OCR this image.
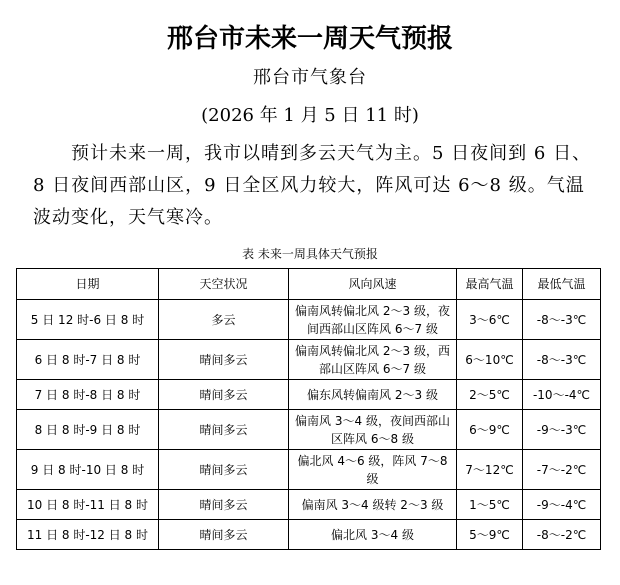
邢台市未来一周天气预报
邢台市气象台
(2026 年 1 月 5 日 11 时)

预计未来一周，我市以晴到多云天气为主。5 日夜间到 6 日、8 日夜间西部山区，9 日全区风力较大，阵风可达 6～8 级。气温波动变化，天气寒冷。

表 未来一周具体天气预报
日期	天空状况	风向风速	最高气温	最低气温
5 日 12 时-6 日 8 时	多云	偏南风转偏北风 2～3 级，夜间西部山区阵风 6～7 级	3～6℃	-8～-3℃
6 日 8 时-7 日 8 时	晴间多云	偏南风转偏北风 2～3 级，西部山区阵风 6～7 级	6～10℃	-8～-3℃
7 日 8 时-8 日 8 时	晴间多云	偏东风转偏南风 2～3 级	2～5℃	-10～-4℃
8 日 8 时-9 日 8 时	晴间多云	偏南风 3～4 级，夜间西部山区阵风 6～8 级	6～9℃	-9～-3℃
9 日 8 时-10 日 8 时	晴间多云	偏北风 4～6 级，阵风 7～8 级	7～12℃	-7～-2℃
10 日 8 时-11 日 8 时	晴间多云	偏南风 3～4 级转 2～3 级	1～5℃	-9～-4℃
11 日 8 时-12 日 8 时	晴间多云	偏北风 3～4 级	5～9℃	-8～-2℃
